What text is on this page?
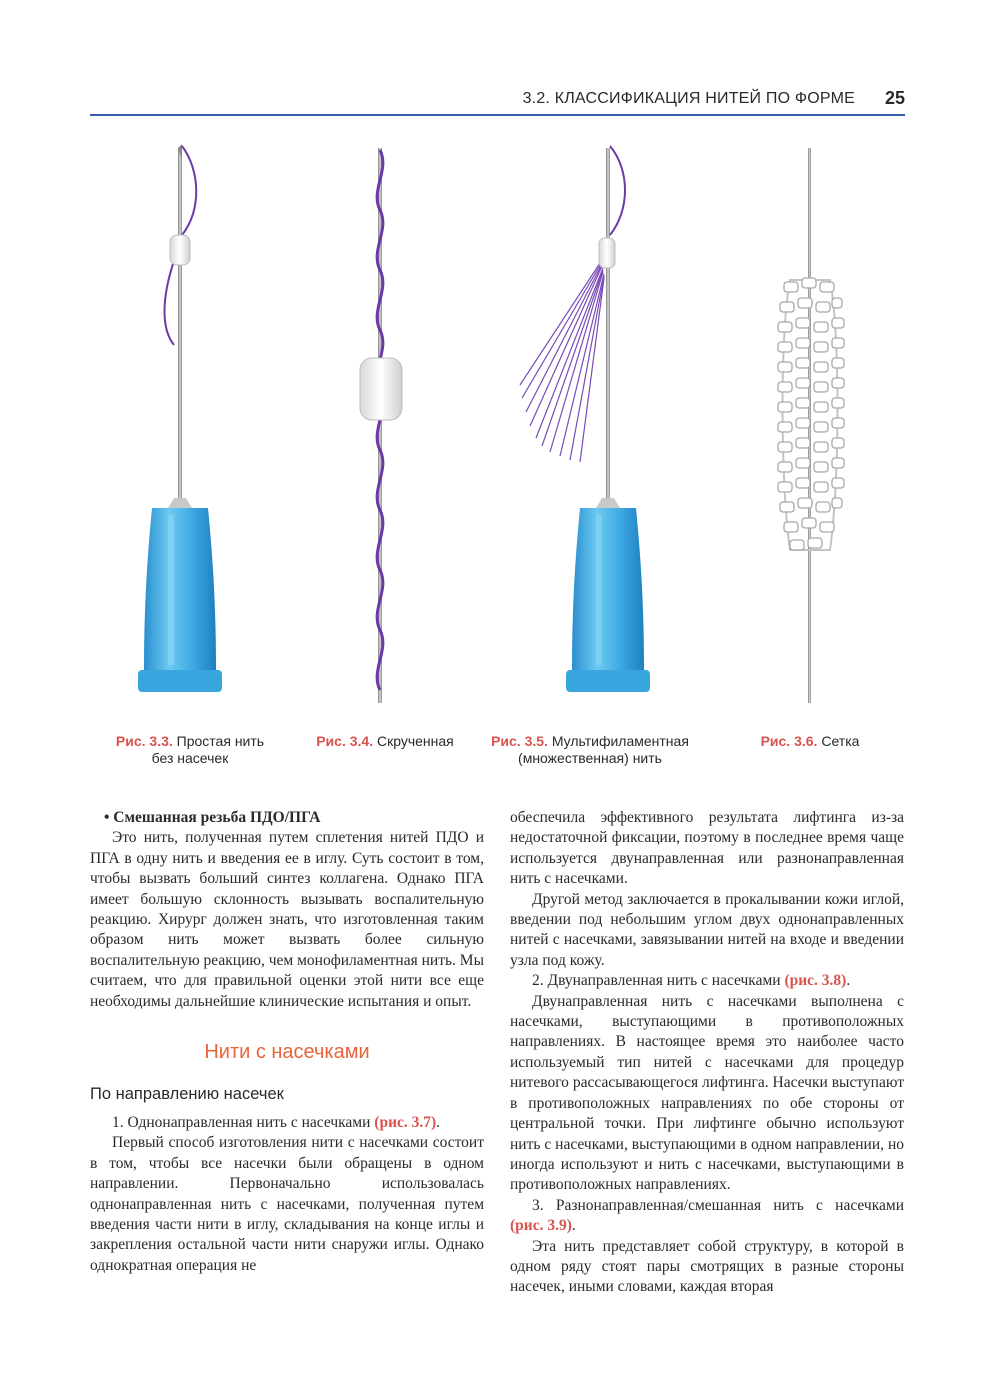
3.2. КЛАССИФИКАЦИЯ НИТЕЙ ПО ФОРМЕ 25
Рис. 3.3. Простая нить
без насечек
Рис. 3.4. Скрученная	Рис. 3.5. Мультифиламентная
(множественная) нить
Рис. 3.6. Сетка

• Смешанная резьба ПДО/ПГА

Это нить, полученная путем сплетения нитей ПДО и ПГА в одну нить и введения ее в иглу. Суть состоит в том, чтобы вызвать больший синтез коллагена. Однако ПГА имеет большую склонность вызывать воспалительную реакцию. Хирург должен знать, что изготовленная таким образом нить может вызвать более сильную воспалительную реакцию, чем монофиламентная нить. Мы считаем, что для правильной оценки этой нити все еще необходимы дальнейшие клинические испытания и опыт.

Нити с насечками
По направлению насечек

1. Однонаправленная нить с насечками (рис. 3.7).

Первый способ изготовления нити с насечками состоит в том, чтобы все насечки были обращены в одном направлении. Первоначально использовалась однонаправленная нить с насечками, полученная путем введения части нити в иглу, складывания на конце иглы и закрепления остальной части нити снаружи иглы. Однако однократная операция не

обеспечила эффективного результата лифтинга из-за недостаточной фиксации, поэтому в последнее время чаще используется двунаправленная или разнонаправленная нить с насечками.

Другой метод заключается в прокалывании кожи иглой, введении под небольшим углом двух однонаправленных нитей с насечками, завязывании нитей на входе и введении узла под кожу.

2. Двунаправленная нить с насечками (рис. 3.8).

Двунаправленная нить с насечками выполнена с насечками, выступающими в противоположных направлениях. В настоящее время это наиболее часто используемый тип нитей с насечками для процедур нитевого рассасывающегося лифтинга. Насечки выступают в противоположных направлениях по обе стороны от центральной точки. При лифтинге обычно используют нить с насечками, выступающими в одном направлении, но иногда используют и нить с насечками, выступающими в противоположных направлениях.

3. Разнонаправленная/смешанная нить с насечками (рис. 3.9).

Эта нить представляет собой структуру, в которой в одном ряду стоят пары смотрящих в разные стороны насечек, иными словами, каждая вторая
